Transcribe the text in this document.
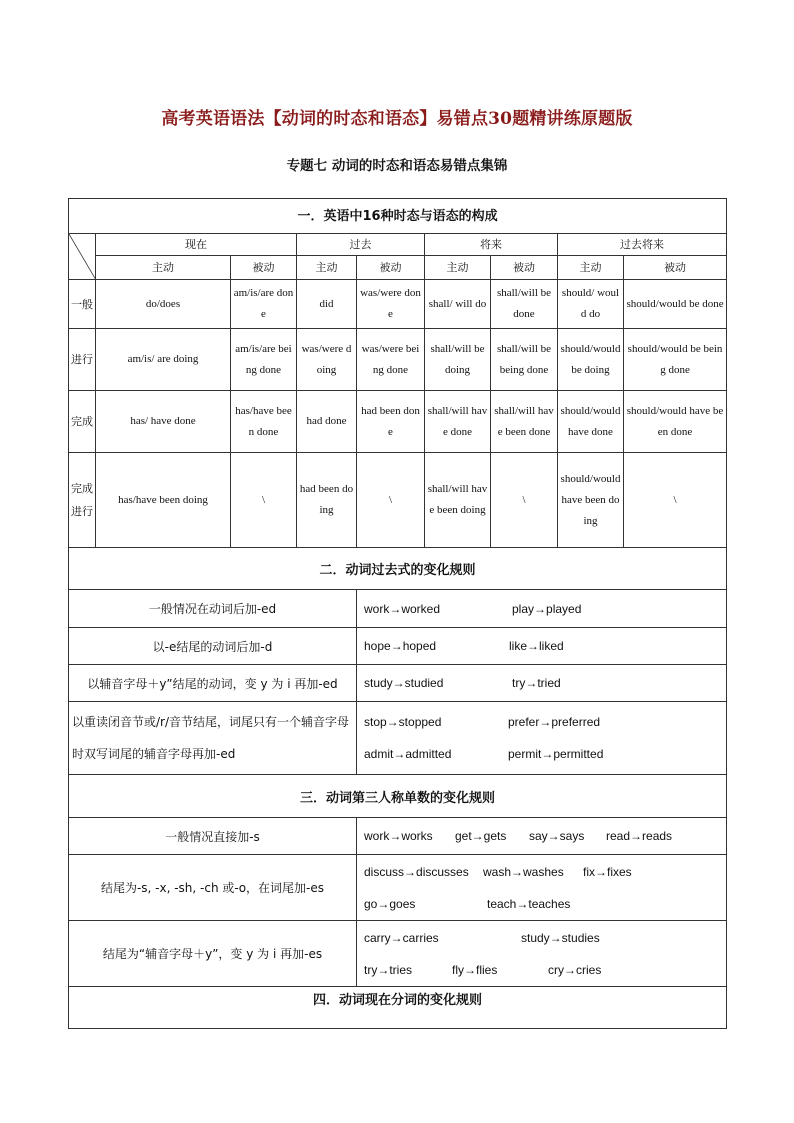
高考英语语法【动词的时态和语态】易错点30题精讲练原题版
专题七 动词的时态和语态易错点集锦
一．英语中16种时态与语态的构成								

	现在		过去		将来		过去将来	
	主动	被动	主动	被动	主动	被动	主动	被动
一般	do/does	am/is/are done	did	was/were done	shall/ will do	shall/will be done	should/ would do	should/would be done
进行	am/is/ are doing	am/is/are being done	was/were doing	was/were being done	shall/will be doing	shall/will be being done	should/would be doing	should/would be being done
完成	has/ have done	has/have been done	had done	had been done	shall/will have done	shall/will have been done	should/would have done	should/would have been done
完成进行	has/have been doing	\	had been doing	\	shall/will have been doing	\	should/would have been doing	\
二．动词过去式的变化规则	
一般情况在动词后加-ed	work→worked play→played
以-e结尾的动词后加-d	hope→hoped like→liked
以辅音字母＋y”结尾的动词，变 y 为 i 再加-ed	study→studied try→tried
以重读闭音节或/r/音节结尾，词尾只有一个辅音字母时双写词尾的辅音字母再加-ed	stop→stopped prefer→preferred
admit→admitted permit→permitted

三．动词第三人称单数的变化规则	
一般情况直接加-s	work→works get→gets say→says read→reads
结尾为-s, -x, -sh, -ch 或-o，在词尾加-es	discuss→discusses wash→washes fix→fixes
go→goes teach→teaches

结尾为“辅音字母＋y”，变 y 为 i 再加-es	carry→carries study→studies
try→tries fly→flies cry→cries

四．动词现在分词的变化规则	
